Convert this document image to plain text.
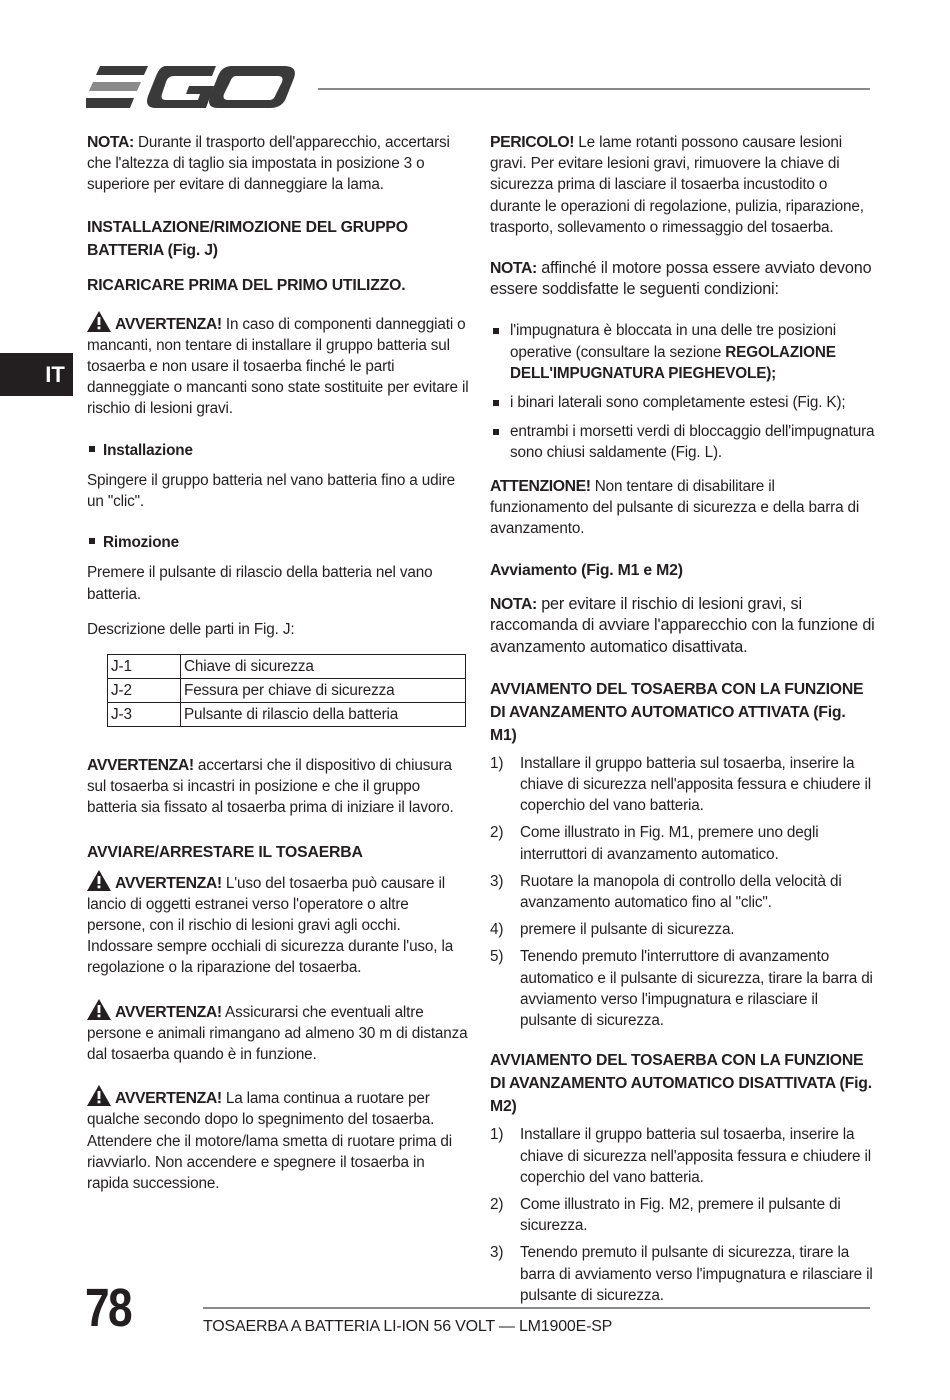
IT

NOTA: Durante il trasporto dell'apparecchio, accertarsi che l'altezza di taglio sia impostata in posizione 3 o superiore per evitare di danneggiare la lama.

INSTALLAZIONE/RIMOZIONE DEL GRUPPO BATTERIA (Fig. J)
RICARICARE PRIMA DEL PRIMO UTILIZZO.

AVVERTENZA! In caso di componenti danneggiati o mancanti, non tentare di installare il gruppo batteria sul tosaerba e non usare il tosaerba finché le parti danneggiate o mancanti sono state sostituite per evitare il rischio di lesioni gravi.

Installazione

Spingere il gruppo batteria nel vano batteria fino a udire un "clic".

Rimozione

Premere il pulsante di rilascio della batteria nel vano batteria.

Descrizione delle parti in Fig. J:

J-1	Chiave di sicurezza
J-2	Fessura per chiave di sicurezza
J-3	Pulsante di rilascio della batteria

AVVERTENZA! accertarsi che il dispositivo di chiusura sul tosaerba si incastri in posizione e che il gruppo batteria sia fissato al tosaerba prima di iniziare il lavoro.

AVVIARE/ARRESTARE IL TOSAERBA

AVVERTENZA! L'uso del tosaerba può causare il lancio di oggetti estranei verso l'operatore o altre persone, con il rischio di lesioni gravi agli occhi. Indossare sempre occhiali di sicurezza durante l'uso, la regolazione o la riparazione del tosaerba.

AVVERTENZA! Assicurarsi che eventuali altre persone e animali rimangano ad almeno 30 m di distanza dal tosaerba quando è in funzione.

AVVERTENZA! La lama continua a ruotare per qualche secondo dopo lo spegnimento del tosaerba. Attendere che il motore/lama smetta di ruotare prima di riavviarlo. Non accendere e spegnere il tosaerba in rapida successione.

PERICOLO! Le lame rotanti possono causare lesioni gravi. Per evitare lesioni gravi, rimuovere la chiave di sicurezza prima di lasciare il tosaerba incustodito o durante le operazioni di regolazione, pulizia, riparazione, trasporto, sollevamento o rimessaggio del tosaerba.

NOTA: affinché il motore possa essere avviato devono essere soddisfatte le seguenti condizioni:

l'impugnatura è bloccata in una delle tre posizioni operative (consultare la sezione REGOLAZIONE DELL'IMPUGNATURA PIEGHEVOLE);
i binari laterali sono completamente estesi (Fig. K);
entrambi i morsetti verdi di bloccaggio dell'impugnatura sono chiusi saldamente (Fig. L).

ATTENZIONE! Non tentare di disabilitare il funzionamento del pulsante di sicurezza e della barra di avanzamento.

Avviamento (Fig. M1 e M2)

NOTA: per evitare il rischio di lesioni gravi, si raccomanda di avviare l'apparecchio con la funzione di avanzamento automatico disattivata.

AVVIAMENTO DEL TOSAERBA CON LA FUNZIONE DI AVANZAMENTO AUTOMATICO ATTIVATA (Fig. M1)
1) Installare il gruppo batteria sul tosaerba, inserire la chiave di sicurezza nell'apposita fessura e chiudere il coperchio del vano batteria.
2) Come illustrato in Fig. M1, premere uno degli interruttori di avanzamento automatico.
3) Ruotare la manopola di controllo della velocità di avanzamento automatico fino al "clic".
4) premere il pulsante di sicurezza.
5) Tenendo premuto l'interruttore di avanzamento automatico e il pulsante di sicurezza, tirare la barra di avviamento verso l'impugnatura e rilasciare il pulsante di sicurezza.
AVVIAMENTO DEL TOSAERBA CON LA FUNZIONE DI AVANZAMENTO AUTOMATICO DISATTIVATA (Fig. M2)
1) Installare il gruppo batteria sul tosaerba, inserire la chiave di sicurezza nell'apposita fessura e chiudere il coperchio del vano batteria.
2) Come illustrato in Fig. M2, premere il pulsante di sicurezza.
3) Tenendo premuto il pulsante di sicurezza, tirare la barra di avviamento verso l'impugnatura e rilasciare il pulsante di sicurezza.
78	TOSAERBA A BATTERIA LI-ION 56 VOLT — LM1900E-SP
